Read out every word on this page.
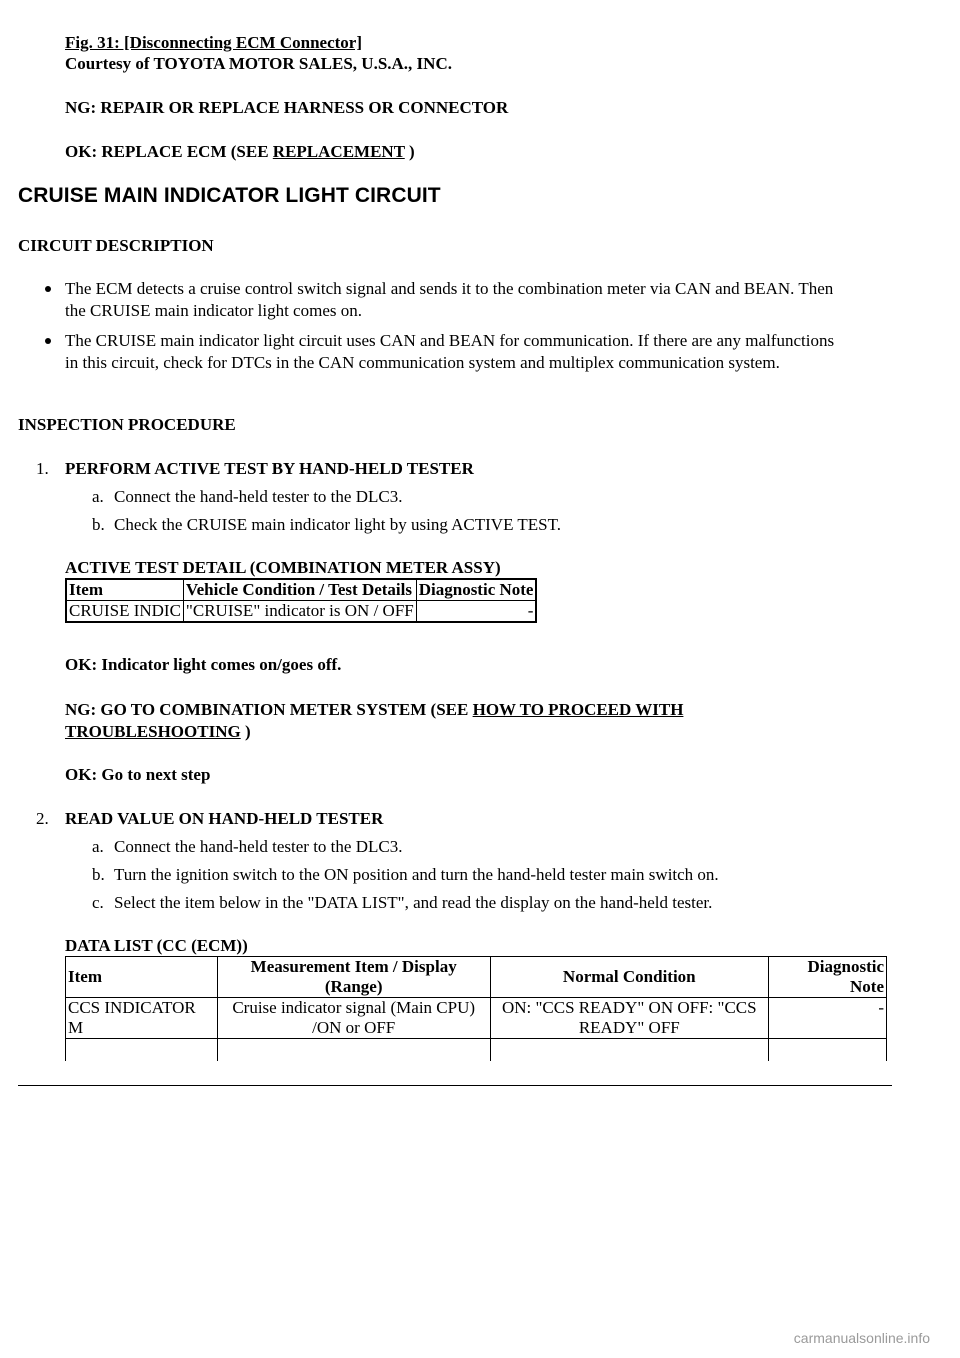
Fig. 31: [Disconnecting ECM Connector]

Courtesy of TOYOTA MOTOR SALES, U.S.A., INC.

NG: REPAIR OR REPLACE HARNESS OR CONNECTOR

OK: REPLACE ECM (SEE REPLACEMENT )

CRUISE MAIN INDICATOR LIGHT CIRCUIT

CIRCUIT DESCRIPTION

The ECM detects a cruise control switch signal and sends it to the combination meter via CAN and BEAN. Then the CRUISE main indicator light comes on.
The CRUISE main indicator light circuit uses CAN and BEAN for communication. If there are any malfunctions in this circuit, check for DTCs in the CAN communication system and multiplex communication system.

INSPECTION PROCEDURE

1. PERFORM ACTIVE TEST BY HAND-HELD TESTER
a. Connect the hand-held tester to the DLC3.
b. Check the CRUISE main indicator light by using ACTIVE TEST.
ACTIVE TEST DETAIL (COMBINATION METER ASSY)
Item	Vehicle Condition / Test Details	Diagnostic Note
CRUISE INDIC	"CRUISE" indicator is ON / OFF	-

OK: Indicator light comes on/goes off.

NG: GO TO COMBINATION METER SYSTEM (SEE HOW TO PROCEED WITH
TROUBLESHOOTING )

OK: Go to next step

2. READ VALUE ON HAND-HELD TESTER
a. Connect the hand-held tester to the DLC3.
b. Turn the ignition switch to the ON position and turn the hand-held tester main switch on.
c. Select the item below in the "DATA LIST", and read the display on the hand-held tester.
DATA LIST (CC (ECM))
Item	Measurement Item / Display (Range)	Normal Condition	Diagnostic Note
CCS INDICATOR M	Cruise indicator signal (Main CPU) /ON or OFF	ON: "CCS READY" ON OFF: "CCS READY" OFF	-

carmanualsonline.info
